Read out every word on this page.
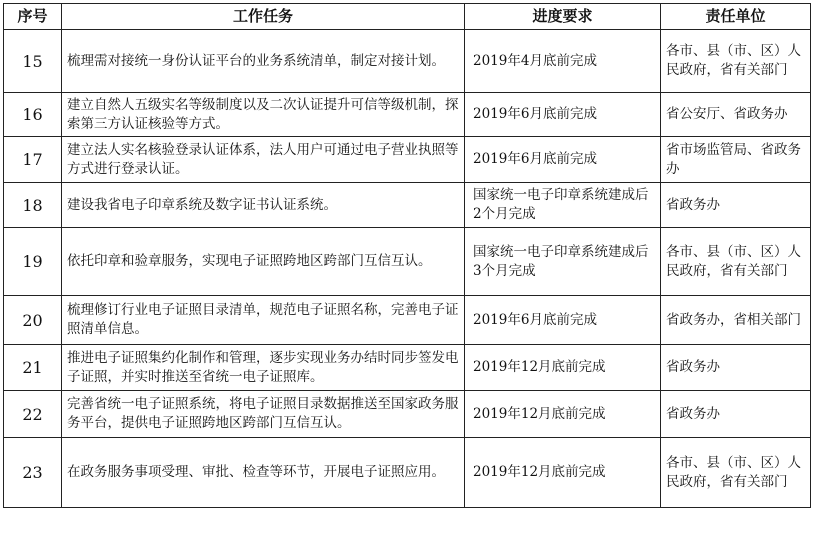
序号	工作任务	进度要求	责任单位
15	梳理需对接统一身份认证平台的业务系统清单，制定对接计划。	2019年4月底前完成	各市、县（市、区）人民政府，省有关部门
16	建立自然人五级实名等级制度以及二次认证提升可信等级机制，探索第三方认证核验等方式。	2019年6月底前完成	省公安厅、省政务办
17	建立法人实名核验登录认证体系，法人用户可通过电子营业执照等方式进行登录认证。	2019年6月底前完成	省市场监管局、省政务办
18	建设我省电子印章系统及数字证书认证系统。	国家统一电子印章系统建成后2个月完成	省政务办
19	依托印章和验章服务，实现电子证照跨地区跨部门互信互认。	国家统一电子印章系统建成后3个月完成	各市、县（市、区）人民政府，省有关部门
20	梳理修订行业电子证照目录清单，规范电子证照名称，完善电子证照清单信息。	2019年6月底前完成	省政务办，省相关部门
21	推进电子证照集约化制作和管理，逐步实现业务办结时同步签发电子证照，并实时推送至省统一电子证照库。	2019年12月底前完成	省政务办
22	完善省统一电子证照系统，将电子证照目录数据推送至国家政务服务平台，提供电子证照跨地区跨部门互信互认。	2019年12月底前完成	省政务办
23	在政务服务事项受理、审批、检查等环节，开展电子证照应用。	2019年12月底前完成	各市、县（市、区）人民政府，省有关部门
